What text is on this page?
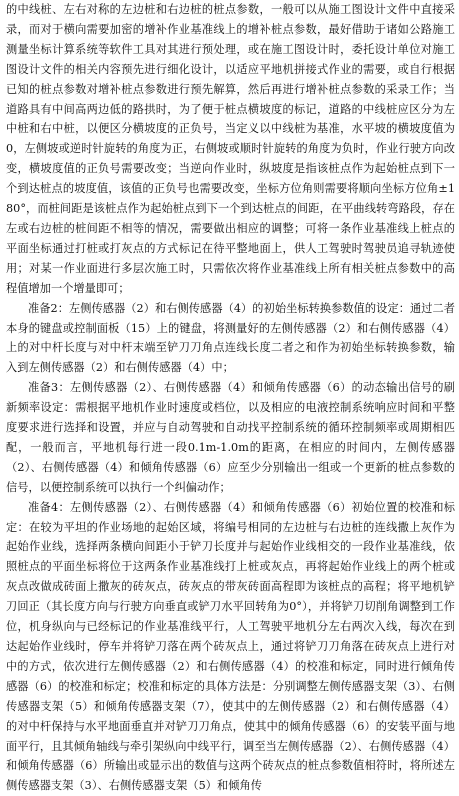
的中线桩、左右对称的左边桩和右边桩的桩点参数，一般可以从施工图设计文件中直接采录，而对于横向需要加密的增补作业基准线上的增补桩点参数，最好借助于诸如公路施工测量坐标计算系统等软件工具对其进行预处理，或在施工图设计时，委托设计单位对施工图设计文件的相关内容预先进行细化设计，以适应平地机拼接式作业的需要，或自行根据已知的桩点参数对增补桩点参数进行预先解算，然后再进行增补桩点参数的采录工作；当道路具有中间高两边低的路拱时，为了便于桩点横坡度的标记，道路的中线桩应区分为左中桩和右中桩，以便区分横坡度的正负号，当定义以中线桩为基准，水平坡的横坡度值为0，左侧坡或逆时针旋转的角度为正，右侧坡或顺时针旋转的角度为负时，作业行驶方向改变，横坡度值的正负号需要改变；当逆向作业时，纵坡度是指该桩点作为起始桩点到下一个到达桩点的坡度值，该值的正负号也需要改变，坐标方位角则需要将顺向坐标方位角±180°，而桩间距是该桩点作为起始桩点到下一个到达桩点的间距，在平曲线转弯路段，存在左或右边桩的桩间距不相等的情况，需要做出相应的调整；可将一条作业基准线上桩点的平面坐标通过打桩或打灰点的方式标记在待平整地面上，供人工驾驶时驾驶员追寻轨迹使用；对某一作业面进行多层次施工时，只需依次将作业基准线上所有相关桩点参数中的高程值增加一个增量即可；

准备2：左侧传感器（2）和右侧传感器（4）的初始坐标转换参数值的设定：通过二者本身的键盘或控制面板（15）上的键盘，将测量好的左侧传感器（2）和右侧传感器（4）上的对中杆长度与对中杆末端至铲刀刀角点连线长度二者之和作为初始坐标转换参数，输入到左侧传感器（2）和右侧传感器（4）中；

准备3：左侧传感器（2）、右侧传感器（4）和倾角传感器（6）的动态输出信号的刷新频率设定：需根据平地机作业时速度或档位，以及相应的电液控制系统响应时间和平整度要求进行选择和设置，并应与自动驾驶和自动找平控制系统的循环控制频率或周期相匹配，一般而言，平地机每行进一段0.1m-1.0m的距离，在相应的时间内，左侧传感器（2）、右侧传感器（4）和倾角传感器（6）应至少分别输出一组或一个更新的桩点参数的信号，以便控制系统可以执行一个纠偏动作；

准备4：左侧传感器（2）、右侧传感器（4）和倾角传感器（6）初始位置的校准和标定：在较为平坦的作业场地的起始区域，将编号相同的左边桩与右边桩的连线撒上灰作为起始作业线，选择两条横向间距小于铲刀长度并与起始作业线相交的一段作业基准线，依照桩点的平面坐标将位于这两条作业基准线打上桩或灰点，再将起始作业线上的两个桩或灰点改做成砖面上撒灰的砖灰点，砖灰点的带灰砖面高程即为该桩点的高程；将平地机铲刀回正（其长度方向与行驶方向垂直或铲刀水平回转角为0°），并将铲刀切削角调整到工作位，机身纵向与已经标记的作业基准线平行，人工驾驶平地机分左右两次入线，每次在到达起始作业线时，停车并将铲刀落在两个砖灰点上，通过将铲刀刀角落在砖灰点上进行对中的方式，依次进行左侧传感器（2）和右侧传感器（4）的校准和标定，同时进行倾角传感器（6）的校准和标定；校准和标定的具体方法是：分别调整左侧传感器支架（3）、右侧传感器支架（5）和倾角传感器支架（7），使其中的左侧传感器（2）和右侧传感器（4）的对中杆保持与水平地面垂直并对铲刀刀角点，使其中的倾角传感器（6）的安装平面与地面平行，且其倾角轴线与牵引架纵向中线平行，调至当左侧传感器（2）、右侧传感器（4）和倾角传感器（6）所输出或显示出的数值与这两个砖灰点的桩点参数值相符时，将所述左侧传感器支架（3）、右侧传感器支架（5）和倾角传
